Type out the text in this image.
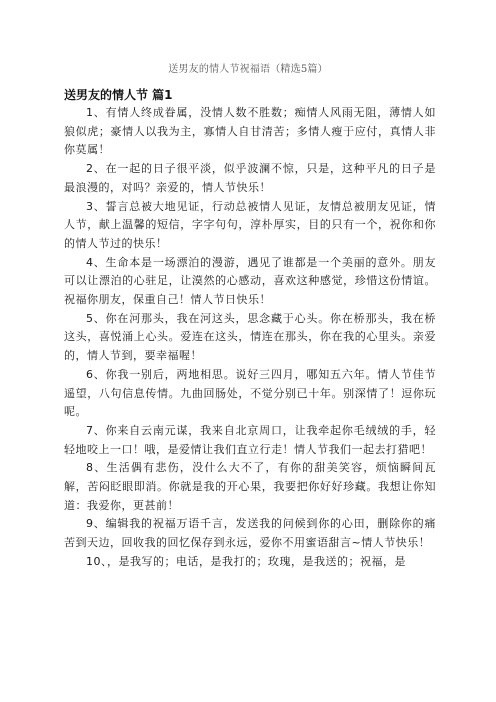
送男友的情人节祝福语（精选5篇）
送男友的情人节 篇1

1、有情人终成眷属，没情人数不胜数；痴情人风雨无阻，薄情人如狼似虎；豪情人以我为主，寡情人自甘清苦；多情人瘦于应付，真情人非你莫属！

2、在一起的日子很平淡，似乎波澜不惊，只是，这种平凡的日子是最浪漫的，对吗？亲爱的，情人节快乐！

3、誓言总被大地见证，行动总被情人见证，友情总被朋友见证，情人节，献上温馨的短信，字字句句，淳朴厚实，目的只有一个，祝你和你的情人节过的快乐！

4、生命本是一场漂泊的漫游，遇见了谁都是一个美丽的意外。朋友可以让漂泊的心驻足，让漠然的心感动，喜欢这种感觉，珍惜这份情谊。祝福你朋友，保重自己！情人节日快乐！

5、你在河那头，我在河这头，思念藏于心头。你在桥那头，我在桥这头，喜悦涌上心头。爱连在这头，情连在那头，你在我的心里头。亲爱的，情人节到，要幸福喔！

6、你我一别后，两地相思。说好三四月，哪知五六年。情人节佳节遥望，八句信息传情。九曲回肠处，不觉分别已十年。别深情了！逗你玩呢。

7、你来自云南元谋，我来自北京周口，让我牵起你毛绒绒的手，轻轻地咬上一口！哦，是爱情让我们直立行走！情人节我们一起去打猎吧！

8、生活偶有悲伤，没什么大不了，有你的甜美笑容，烦恼瞬间瓦解，苦闷眨眼即消。你就是我的开心果，我要把你好好珍藏。我想让你知道：我爱你，更甚前！

9、编辑我的祝福万语千言，发送我的问候到你的心田，删除你的痛苦到天边，回收我的回忆保存到永远，爱你不用蜜语甜言~情人节快乐！

10、，是我写的；电话，是我打的；玫瑰，是我送的；祝福，是
